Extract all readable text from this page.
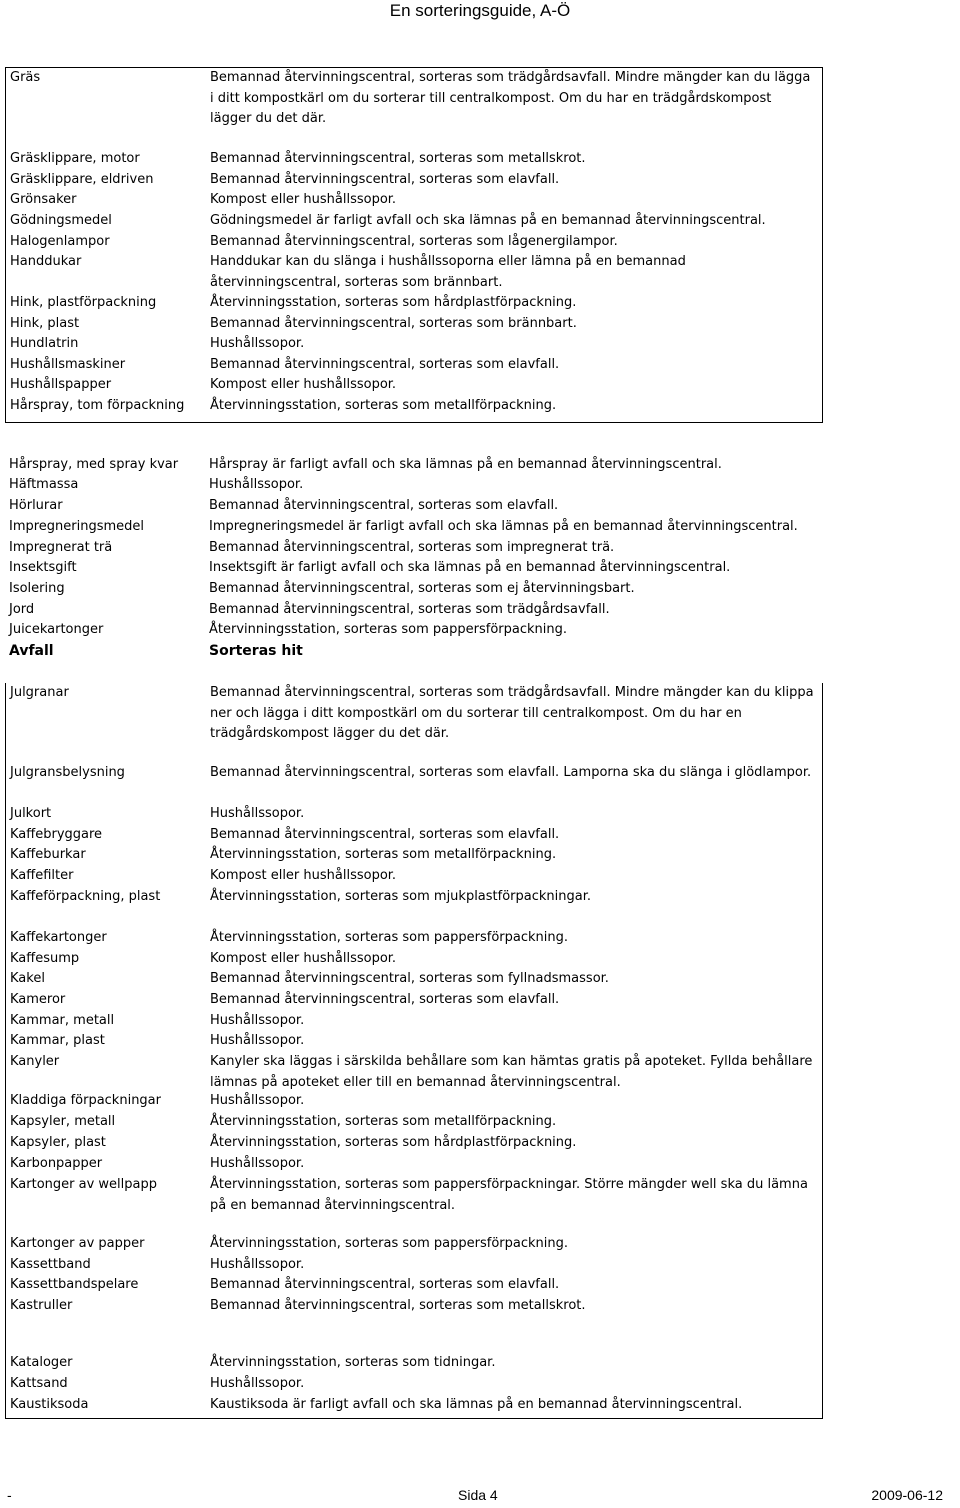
En sorteringsguide, A-Ö
Gräs	Bemannad återvinningscentral, sorteras som trädgårdsavfall. Mindre mängder kan du lägga i ditt kompostkärl om du sorterar till centralkompost. Om du har en trädgårdskompost lägger du det där.
Gräsklippare, motor	Bemannad återvinningscentral, sorteras som metallskrot.
Gräsklippare, eldriven	Bemannad återvinningscentral, sorteras som elavfall.
Grönsaker	Kompost eller hushållssopor.
Gödningsmedel	Gödningsmedel är farligt avfall och ska lämnas på en bemannad återvinningscentral.
Halogenlampor	Bemannad återvinningscentral, sorteras som lågenergilampor.
Handdukar	Handdukar kan du slänga i hushållssoporna eller lämna på en bemannad återvinningscentral, sorteras som brännbart.
Hink, plastförpackning	Återvinningsstation, sorteras som hårdplastförpackning.
Hink, plast	Bemannad återvinningscentral, sorteras som brännbart.
Hundlatrin	Hushållssopor.
Hushållsmaskiner	Bemannad återvinningscentral, sorteras som elavfall.
Hushållspapper	Kompost eller hushållssopor.
Hårspray, tom förpackning	Återvinningsstation, sorteras som metallförpackning.
Hårspray, med spray kvar	Hårspray är farligt avfall och ska lämnas på en bemannad återvinningscentral.
Häftmassa	Hushållssopor.
Hörlurar	Bemannad återvinningscentral, sorteras som elavfall.
Impregneringsmedel	Impregneringsmedel är farligt avfall och ska lämnas på en bemannad återvinningscentral.
Impregnerat trä	Bemannad återvinningscentral, sorteras som impregnerat trä.
Insektsgift	Insektsgift är farligt avfall och ska lämnas på en bemannad återvinningscentral.
Isolering	Bemannad återvinningscentral, sorteras som ej återvinningsbart.
Jord	Bemannad återvinningscentral, sorteras som trädgårdsavfall.
Juicekartonger	Återvinningsstation, sorteras som pappersförpackning.
Avfall	Sorteras hit
Julgranar	Bemannad återvinningscentral, sorteras som trädgårdsavfall. Mindre mängder kan du klippa ner och lägga i ditt kompostkärl om du sorterar till centralkompost. Om du har en trädgårdskompost lägger du det där.
Julgransbelysning	Bemannad återvinningscentral, sorteras som elavfall. Lamporna ska du slänga i glödlampor.
Julkort	Hushållssopor.
Kaffebryggare	Bemannad återvinningscentral, sorteras som elavfall.
Kaffeburkar	Återvinningsstation, sorteras som metallförpackning.
Kaffefilter	Kompost eller hushållssopor.
Kaffeförpackning, plast	Återvinningsstation, sorteras som mjukplastförpackningar.
Kaffekartonger	Återvinningsstation, sorteras som pappersförpackning.
Kaffesump	Kompost eller hushållssopor.
Kakel	Bemannad återvinningscentral, sorteras som fyllnadsmassor.
Kameror	Bemannad återvinningscentral, sorteras som elavfall.
Kammar, metall	Hushållssopor.
Kammar, plast	Hushållssopor.
Kanyler	Kanyler ska läggas i särskilda behållare som kan hämtas gratis på apoteket. Fyllda behållare lämnas på apoteket eller till en bemannad återvinningscentral.
Kladdiga förpackningar	Hushållssopor.
Kapsyler, metall	Återvinningsstation, sorteras som metallförpackning.
Kapsyler, plast	Återvinningsstation, sorteras som hårdplastförpackning.
Karbonpapper	Hushållssopor.
Kartonger av wellpapp	Återvinningsstation, sorteras som pappersförpackningar. Större mängder well ska du lämna på en bemannad återvinningscentral.
Kartonger av papper	Återvinningsstation, sorteras som pappersförpackning.
Kassettband	Hushållssopor.
Kassettbandspelare	Bemannad återvinningscentral, sorteras som elavfall.
Kastruller	Bemannad återvinningscentral, sorteras som metallskrot.
Kataloger	Återvinningsstation, sorteras som tidningar.
Kattsand	Hushållssopor.
Kaustiksoda	Kaustiksoda är farligt avfall och ska lämnas på en bemannad återvinningscentral.
-	Sida 4	2009-06-12
